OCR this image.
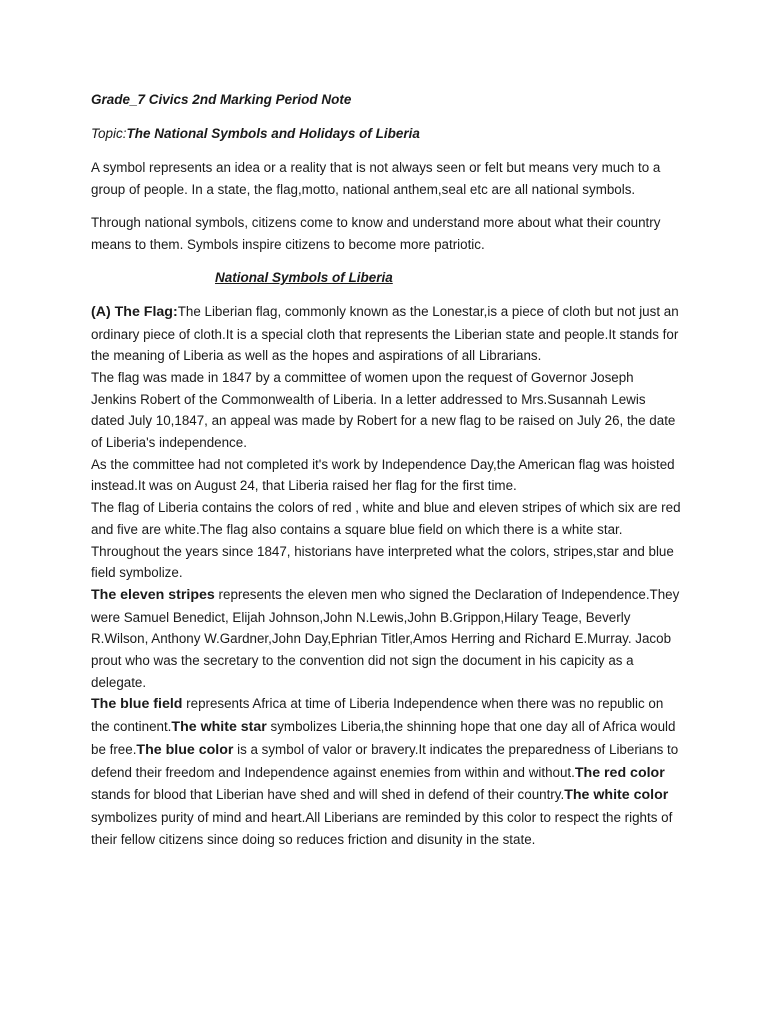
Grade_7 Civics 2nd Marking Period Note
Topic:The National Symbols and Holidays of Liberia

A symbol represents an idea or a reality that is not always seen or felt but means very much to a group of people. In a state, the flag,motto, national anthem,seal etc are all national symbols.

Through national symbols, citizens come to know and understand more about what their country means to them. Symbols inspire citizens to become more patriotic.

National Symbols of Liberia

(A) The Flag:The Liberian flag, commonly known as the Lonestar,is a piece of cloth but not just an ordinary piece of cloth.It is a special cloth that represents the Liberian state and people.It stands for the meaning of Liberia as well as the hopes and aspirations of all Librarians.

The flag was made in 1847 by a committee of women upon the request of Governor Joseph Jenkins Robert of the Commonwealth of Liberia. In a letter addressed to Mrs.Susannah Lewis dated July 10,1847, an appeal was made by Robert for a new flag to be raised on July 26, the date of Liberia's independence.

As the committee had not completed it's work by Independence Day,the American flag was hoisted instead.It was on August 24, that Liberia raised her flag for the first time.

The flag of Liberia contains the colors of red , white and blue and eleven stripes of which six are red and five are white.The flag also contains a square blue field on which there is a white star. Throughout the years since 1847, historians have interpreted what the colors, stripes,star and blue field symbolize.

The eleven stripes represents the eleven men who signed the Declaration of Independence.They were Samuel Benedict, Elijah Johnson,John N.Lewis,John B.Grippon,Hilary Teage, Beverly R.Wilson, Anthony W.Gardner,John Day,Ephrian Titler,Amos Herring and Richard E.Murray. Jacob prout who was the secretary to the convention did not sign the document in his capicity as a delegate.

The blue field represents Africa at time of Liberia Independence when there was no republic on the continent.The white star symbolizes Liberia,the shinning hope that one day all of Africa would be free.The blue color is a symbol of valor or bravery.It indicates the preparedness of Liberians to defend their freedom and Independence against enemies from within and without.The red color stands for blood that Liberian have shed and will shed in defend of their country.The white color symbolizes purity of mind and heart.All Liberians are reminded by this color to respect the rights of their fellow citizens since doing so reduces friction and disunity in the state.
